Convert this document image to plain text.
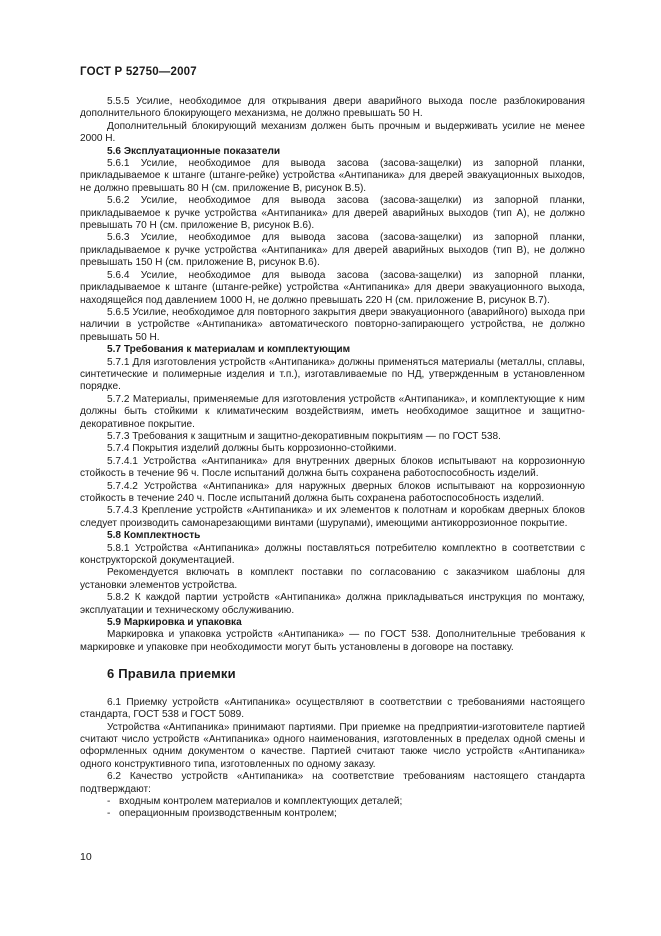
ГОСТ Р 52750—2007

5.5.5 Усилие, необходимое для открывания двери аварийного выхода после разблокирования дополнительного блокирующего механизма, не должно превышать 50 Н.

Дополнительный блокирующий механизм должен быть прочным и выдерживать усилие не менее 2000 Н.

5.6 Эксплуатационные показатели

5.6.1 Усилие, необходимое для вывода засова (засова-защелки) из запорной планки, прикладываемое к штанге (штанге-рейке) устройства «Антипаника» для дверей эвакуационных выходов, не должно превышать 80 Н (см. приложение В, рисунок В.5).

5.6.2 Усилие, необходимое для вывода засова (засова-защелки) из запорной планки, прикладываемое к ручке устройства «Антипаника» для дверей аварийных выходов (тип А), не должно превышать 70 Н (см. приложение В, рисунок В.6).

5.6.3 Усилие, необходимое для вывода засова (засова-защелки) из запорной планки, прикладываемое к ручке устройства «Антипаника» для дверей аварийных выходов (тип В), не должно превышать 150 Н (см. приложение В, рисунок В.6).

5.6.4 Усилие, необходимое для вывода засова (засова-защелки) из запорной планки, прикладываемое к штанге (штанге-рейке) устройства «Антипаника» для двери эвакуационного выхода, находящейся под давлением 1000 Н, не должно превышать 220 Н (см. приложение В, рисунок В.7).

5.6.5 Усилие, необходимое для повторного закрытия двери эвакуационного (аварийного) выхода при наличии в устройстве «Антипаника» автоматического повторно-запирающего устройства, не должно превышать 50 Н.

5.7 Требования к материалам и комплектующим

5.7.1 Для изготовления устройств «Антипаника» должны применяться материалы (металлы, сплавы, синтетические и полимерные изделия и т.п.), изготавливаемые по НД, утвержденным в установленном порядке.

5.7.2 Материалы, применяемые для изготовления устройств «Антипаника», и комплектующие к ним должны быть стойкими к климатическим воздействиям, иметь необходимое защитное и защитно-декоративное покрытие.

5.7.3 Требования к защитным и защитно-декоративным покрытиям — по ГОСТ 538.

5.7.4 Покрытия изделий должны быть коррозионно-стойкими.

5.7.4.1 Устройства «Антипаника» для внутренних дверных блоков испытывают на коррозионную стойкость в течение 96 ч. После испытаний должна быть сохранена работоспособность изделий.

5.7.4.2 Устройства «Антипаника» для наружных дверных блоков испытывают на коррозионную стойкость в течение 240 ч. После испытаний должна быть сохранена работоспособность изделий.

5.7.4.3 Крепление устройств «Антипаника» и их элементов к полотнам и коробкам дверных блоков следует производить самонарезающими винтами (шурупами), имеющими антикоррозионное покрытие.

5.8 Комплектность

5.8.1 Устройства «Антипаника» должны поставляться потребителю комплектно в соответствии с конструкторской документацией.

Рекомендуется включать в комплект поставки по согласованию с заказчиком шаблоны для установки элементов устройства.

5.8.2 К каждой партии устройств «Антипаника» должна прикладываться инструкция по монтажу, эксплуатации и техническому обслуживанию.

5.9 Маркировка и упаковка

Маркировка и упаковка устройств «Антипаника» — по ГОСТ 538. Дополнительные требования к маркировке и упаковке при необходимости могут быть установлены в договоре на поставку.

6 Правила приемки

6.1 Приемку устройств «Антипаника» осуществляют в соответствии с требованиями настоящего стандарта, ГОСТ 538 и ГОСТ 5089.

Устройства «Антипаника» принимают партиями. При приемке на предприятии-изготовителе партией считают число устройств «Антипаника» одного наименования, изготовленных в пределах одной смены и оформленных одним документом о качестве. Партией считают также число устройств «Антипаника» одного конструктивного типа, изготовленных по одному заказу.

6.2 Качество устройств «Антипаника» на соответствие требованиям настоящего стандарта подтверждают:

- входным контролем материалов и комплектующих деталей;
- операционным производственным контролем;
10
